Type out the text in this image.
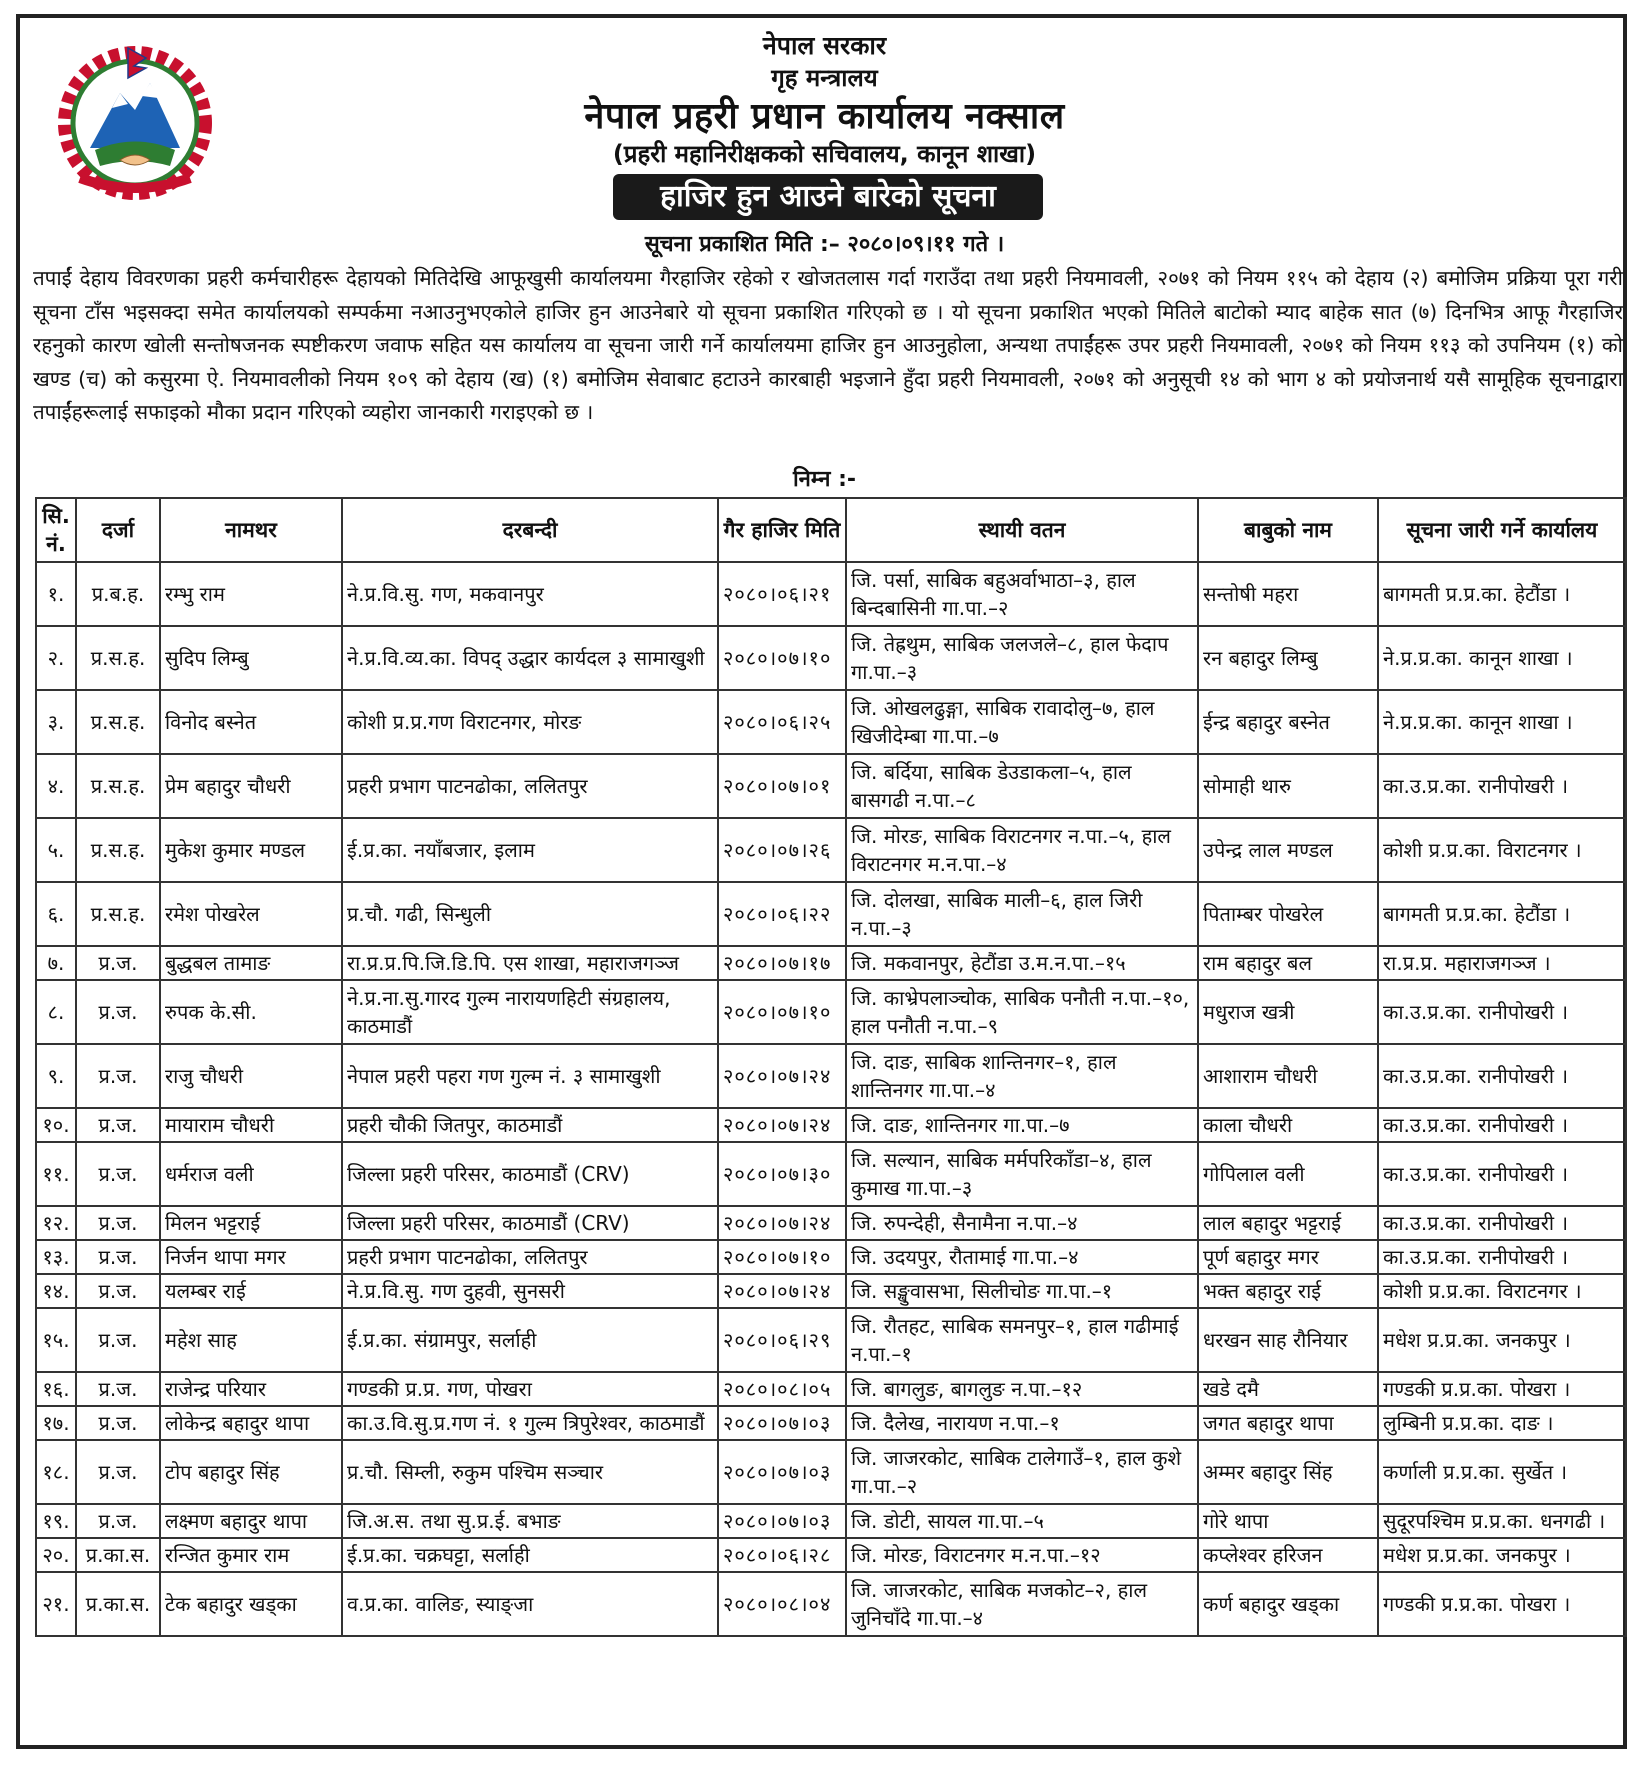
नेपाल सरकार
गृह मन्त्रालय
नेपाल प्रहरी प्रधान कार्यालय नक्साल
(प्रहरी महानिरीक्षकको सचिवालय, कानून शाखा)
हाजिर हुन आउने बारेको सूचना
सूचना प्रकाशित मिति :– २०८०।०९।११ गते ।
तपाईं देहाय विवरणका प्रहरी कर्मचारीहरू देहायको मितिदेखि आफूखुसी कार्यालयमा गैरहाजिर रहेको र खोजतलास गर्दा गराउँदा तथा प्रहरी नियमावली, २०७१ को नियम ११५ को देहाय (२) बमोजिम प्रक्रिया पूरा गरी सूचना टाँस भइसक्दा समेत कार्यालयको सम्पर्कमा नआउनुभएकोले हाजिर हुन आउनेबारे यो सूचना प्रकाशित गरिएको छ । यो सूचना प्रकाशित भएको मितिले बाटोको म्याद बाहेक सात (७) दिनभित्र आफू गैरहाजिर रहनुको कारण खोली सन्तोषजनक स्पष्टीकरण जवाफ सहित यस कार्यालय वा सूचना जारी गर्ने कार्यालयमा हाजिर हुन आउनुहोला, अन्यथा तपाईंहरू उपर प्रहरी नियमावली, २०७१ को नियम ११३ को उपनियम (१) को खण्ड (च) को कसुरमा ऐ. नियमावलीको नियम १०९ को देहाय (ख) (१) बमोजिम सेवाबाट हटाउने कारबाही भइजाने हुँदा प्रहरी नियमावली, २०७१ को अनुसूची १४ को भाग ४ को प्रयोजनार्थ यसै सामूहिक सूचनाद्वारा तपाईंहरूलाई सफाइको मौका प्रदान गरिएको व्यहोरा जानकारी गराइएको छ ।
निम्न :-
सि. नं.	दर्जा	नामथर	दरबन्दी	गैर हाजिर मिति	स्थायी वतन	बाबुको नाम	सूचना जारी गर्ने कार्यालय
१.	प्र.ब.ह.	रम्भु राम	ने.प्र.वि.सु. गण, मकवानपुर	२०८०।०६।२१	जि. पर्सा, साबिक बहुअर्वाभाठा–३, हाल बिन्दबासिनी गा.पा.–२	सन्तोषी महरा	बागमती प्र.प्र.का. हेटौंडा ।
२.	प्र.स.ह.	सुदिप लिम्बु	ने.प्र.वि.व्य.का. विपद् उद्धार कार्यदल ३ सामाखुशी	२०८०।०७।१०	जि. तेह्रथुम, साबिक जलजले–८, हाल फेदाप गा.पा.–३	रन बहादुर लिम्बु	ने.प्र.प्र.का. कानून शाखा ।
३.	प्र.स.ह.	विनोद बस्नेत	कोशी प्र.प्र.गण विराटनगर, मोरङ	२०८०।०६।२५	जि. ओखलढुङ्गा, साबिक रावादोलु–७, हाल खिजीदेम्बा गा.पा.–७	ईन्द्र बहादुर बस्नेत	ने.प्र.प्र.का. कानून शाखा ।
४.	प्र.स.ह.	प्रेम बहादुर चौधरी	प्रहरी प्रभाग पाटनढोका, ललितपुर	२०८०।०७।०१	जि. बर्दिया, साबिक डेउडाकला–५, हाल बासगढी न.पा.–८	सोमाही थारु	का.उ.प्र.का. रानीपोखरी ।
५.	प्र.स.ह.	मुकेश कुमार मण्डल	ई.प्र.का. नयाँबजार, इलाम	२०८०।०७।२६	जि. मोरङ, साबिक विराटनगर न.पा.–५, हाल विराटनगर म.न.पा.–४	उपेन्द्र लाल मण्डल	कोशी प्र.प्र.का. विराटनगर ।
६.	प्र.स.ह.	रमेश पोखरेल	प्र.चौ. गढी, सिन्धुली	२०८०।०६।२२	जि. दोलखा, साबिक माली–६, हाल जिरी न.पा.–३	पिताम्बर पोखरेल	बागमती प्र.प्र.का. हेटौंडा ।
७.	प्र.ज.	बुद्धबल तामाङ	रा.प्र.प्र.पि.जि.डि.पि. एस शाखा, महाराजगञ्ज	२०८०।०७।१७	जि. मकवानपुर, हेटौंडा उ.म.न.पा.–१५	राम बहादुर बल	रा.प्र.प्र. महाराजगञ्ज ।
८.	प्र.ज.	रुपक के.सी.	ने.प्र.ना.सु.गारद गुल्म नारायणहिटी संग्रहालय, काठमाडौं	२०८०।०७।१०	जि. काभ्रेपलाञ्चोक, साबिक पनौती न.पा.–१०, हाल पनौती न.पा.–९	मधुराज खत्री	का.उ.प्र.का. रानीपोखरी ।
९.	प्र.ज.	राजु चौधरी	नेपाल प्रहरी पहरा गण गुल्म नं. ३ सामाखुशी	२०८०।०७।२४	जि. दाङ, साबिक शान्तिनगर–१, हाल शान्तिनगर गा.पा.–४	आशाराम चौधरी	का.उ.प्र.का. रानीपोखरी ।
१०.	प्र.ज.	मायाराम चौधरी	प्रहरी चौकी जितपुर, काठमाडौं	२०८०।०७।२४	जि. दाङ, शान्तिनगर गा.पा.–७	काला चौधरी	का.उ.प्र.का. रानीपोखरी ।
११.	प्र.ज.	धर्मराज वली	जिल्ला प्रहरी परिसर, काठमाडौं (CRV)	२०८०।०७।३०	जि. सल्यान, साबिक मर्मपरिकाँडा–४, हाल कुमाख गा.पा.–३	गोपिलाल वली	का.उ.प्र.का. रानीपोखरी ।
१२.	प्र.ज.	मिलन भट्टराई	जिल्ला प्रहरी परिसर, काठमाडौं (CRV)	२०८०।०७।२४	जि. रुपन्देही, सैनामैना न.पा.–४	लाल बहादुर भट्टराई	का.उ.प्र.का. रानीपोखरी ।
१३.	प्र.ज.	निर्जन थापा मगर	प्रहरी प्रभाग पाटनढोका, ललितपुर	२०८०।०७।१०	जि. उदयपुर, रौतामाई गा.पा.–४	पूर्ण बहादुर मगर	का.उ.प्र.का. रानीपोखरी ।
१४.	प्र.ज.	यलम्बर राई	ने.प्र.वि.सु. गण दुहवी, सुनसरी	२०८०।०७।२४	जि. सङ्खुवासभा, सिलीचोङ गा.पा.–१	भक्त बहादुर राई	कोशी प्र.प्र.का. विराटनगर ।
१५.	प्र.ज.	महेश साह	ई.प्र.का. संग्रामपुर, सर्लाही	२०८०।०६।२९	जि. रौतहट, साबिक समनपुर–१, हाल गढीमाई न.पा.–१	धरखन साह रौनियार	मधेश प्र.प्र.का. जनकपुर ।
१६.	प्र.ज.	राजेन्द्र परियार	गण्डकी प्र.प्र. गण, पोखरा	२०८०।०८।०५	जि. बागलुङ, बागलुङ न.पा.–१२	खडे दमै	गण्डकी प्र.प्र.का. पोखरा ।
१७.	प्र.ज.	लोकेन्द्र बहादुर थापा	का.उ.वि.सु.प्र.गण नं. १ गुल्म त्रिपुरेश्वर, काठमाडौं	२०८०।०७।०३	जि. दैलेख, नारायण न.पा.–१	जगत बहादुर थापा	लुम्बिनी प्र.प्र.का. दाङ ।
१८.	प्र.ज.	टोप बहादुर सिंह	प्र.चौ. सिम्ली, रुकुम पश्चिम सञ्चार	२०८०।०७।०३	जि. जाजरकोट, साबिक टालेगाउँ–१, हाल कुशे गा.पा.–२	अम्मर बहादुर सिंह	कर्णाली प्र.प्र.का. सुर्खेत ।
१९.	प्र.ज.	लक्ष्मण बहादुर थापा	जि.अ.स. तथा सु.प्र.ई. बभाङ	२०८०।०७।०३	जि. डोटी, सायल गा.पा.–५	गोरे थापा	सुदूरपश्चिम प्र.प्र.का. धनगढी ।
२०.	प्र.का.स.	रन्जित कुमार राम	ई.प्र.का. चक्रघट्टा, सर्लाही	२०८०।०६।२८	जि. मोरङ, विराटनगर म.न.पा.–१२	कप्लेश्वर हरिजन	मधेश प्र.प्र.का. जनकपुर ।
२१.	प्र.का.स.	टेक बहादुर खड्का	व.प्र.का. वालिङ, स्याङ्जा	२०८०।०८।०४	जि. जाजरकोट, साबिक मजकोट–२, हाल जुनिचाँदे गा.पा.–४	कर्ण बहादुर खड्का	गण्डकी प्र.प्र.का. पोखरा ।
